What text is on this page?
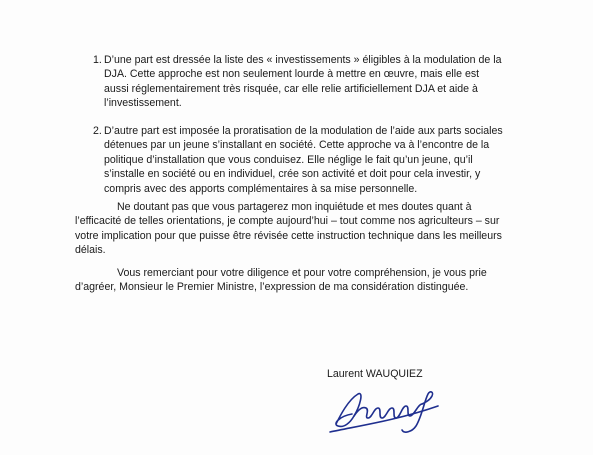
1. D’une part est dressée la liste des « investissements » éligibles à la modulation de la
DJA. Cette approche est non seulement lourde à mettre en œuvre, mais elle est
aussi réglementairement très risquée, car elle relie artificiellement DJA et aide à
l’investissement.
2. D’autre part est imposée la proratisation de la modulation de l’aide aux parts sociales
détenues par un jeune s’installant en société. Cette approche va à l’encontre de la
politique d’installation que vous conduisez. Elle néglige le fait qu’un jeune, qu’il
s’installe en société ou en individuel, crée son activité et doit pour cela investir, y
compris avec des apports complémentaires à sa mise personnelle.
Ne doutant pas que vous partagerez mon inquiétude et mes doutes quant à
l’efficacité de telles orientations, je compte aujourd’hui – tout comme nos agriculteurs – sur
votre implication pour que puisse être révisée cette instruction technique dans les meilleurs
délais.
Vous remerciant pour votre diligence et pour votre compréhension, je vous prie
d’agréer, Monsieur le Premier Ministre, l’expression de ma considération distinguée.
Laurent WAUQUIEZ
